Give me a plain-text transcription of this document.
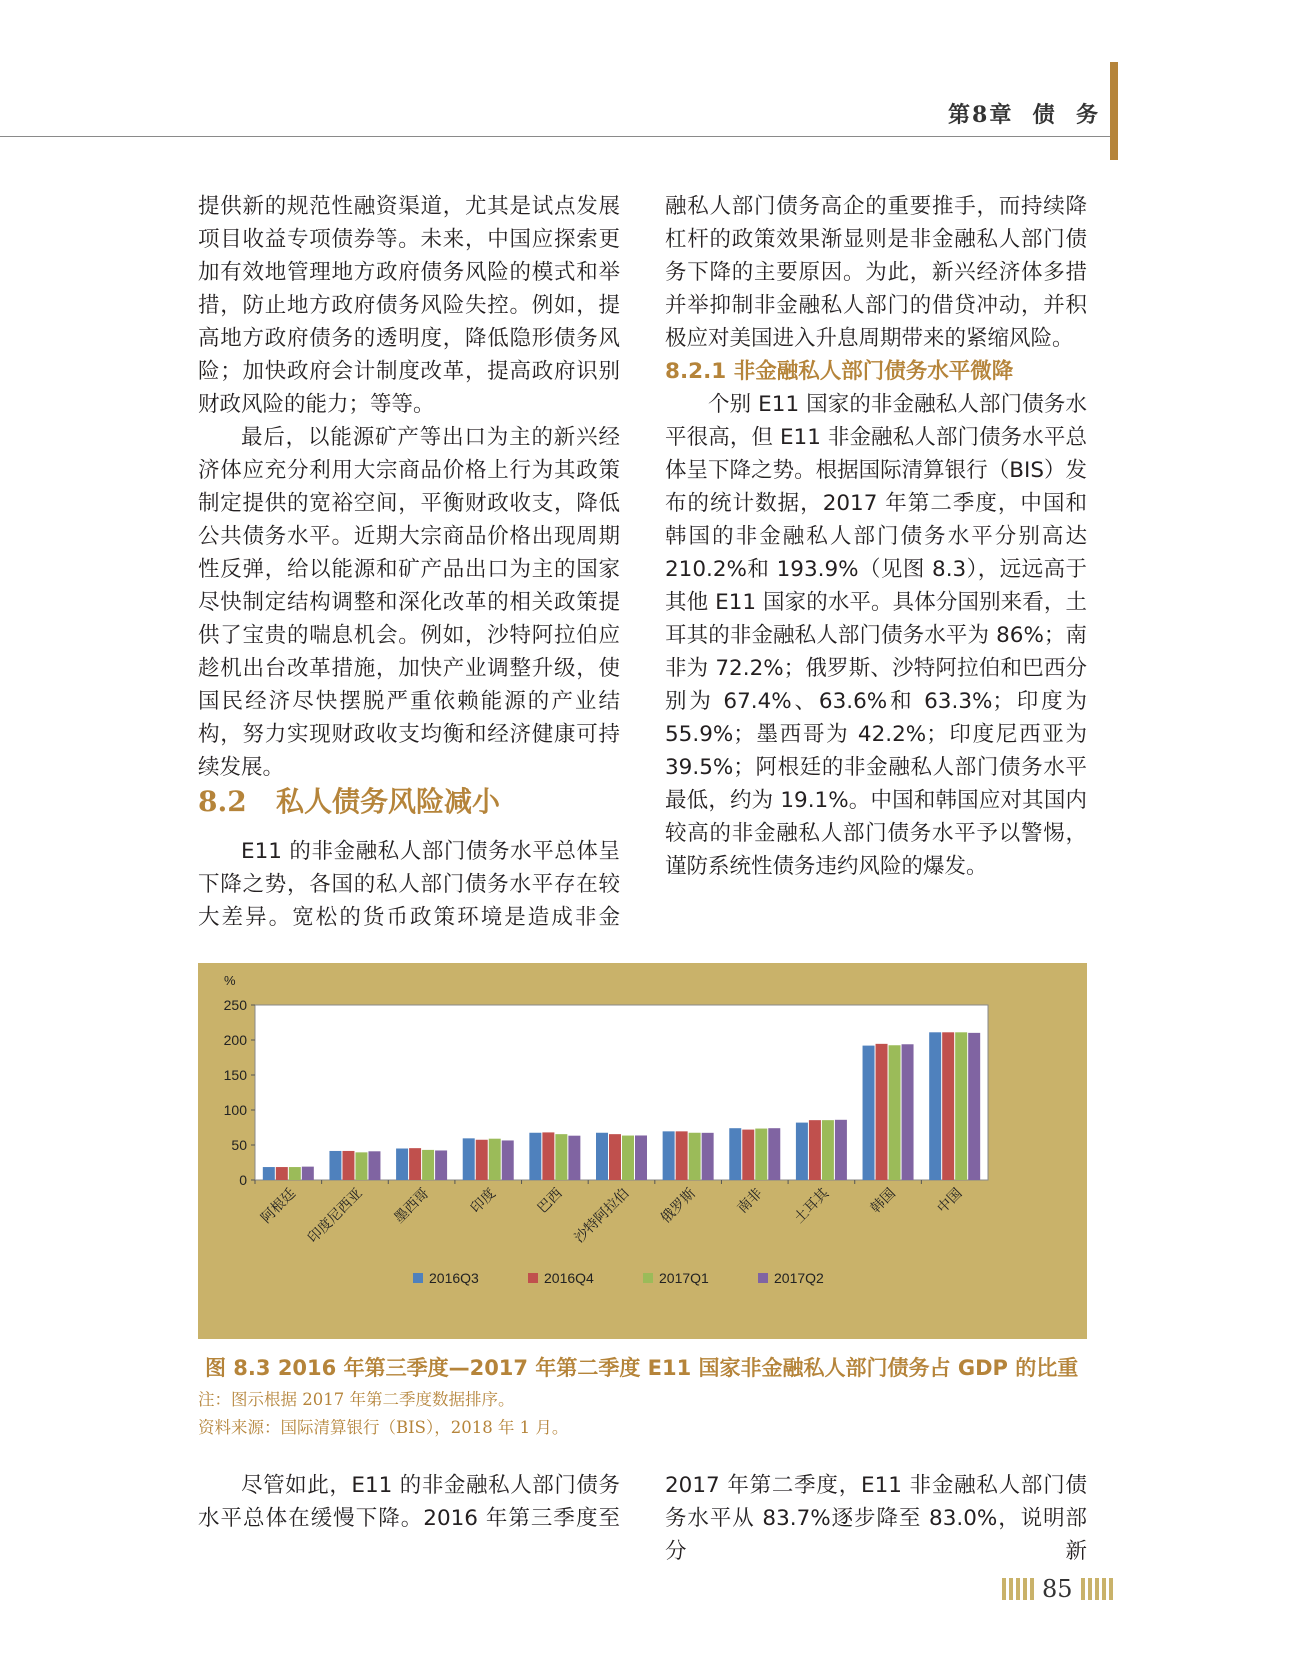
第8章  债  务

提供新的规范性融资渠道，尤其是试点发展项目收益专项债券等。未来，中国应探索更加有效地管理地方政府债务风险的模式和举措，防止地方政府债务风险失控。例如，提高地方政府债务的透明度，降低隐形债务风险；加快政府会计制度改革，提高政府识别财政风险的能力；等等。

最后，以能源矿产等出口为主的新兴经济体应充分利用大宗商品价格上行为其政策制定提供的宽裕空间，平衡财政收支，降低公共债务水平。近期大宗商品价格出现周期性反弹，给以能源和矿产品出口为主的国家尽快制定结构调整和深化改革的相关政策提供了宝贵的喘息机会。例如，沙特阿拉伯应趁机出台改革措施，加快产业调整升级，使国民经济尽快摆脱严重依赖能源的产业结构，努力实现财政收支均衡和经济健康可持续发展。

8.2   私人债务风险减小

E11 的非金融私人部门债务水平总体呈下降之势，各国的私人部门债务水平存在较大差异。宽松的货币政策环境是造成非金

融私人部门债务高企的重要推手，而持续降杠杆的政策效果渐显则是非金融私人部门债务下降的主要原因。为此，新兴经济体多措并举抑制非金融私人部门的借贷冲动，并积极应对美国进入升息周期带来的紧缩风险。

8.2.1 非金融私人部门债务水平微降

个别 E11 国家的非金融私人部门债务水平很高，但 E11 非金融私人部门债务水平总体呈下降之势。根据国际清算银行（BIS）发布的统计数据，2017 年第二季度，中国和韩国的非金融私人部门债务水平分别高达 210.2%和 193.9%（见图 8.3），远远高于其他 E11 国家的水平。具体分国别来看，土耳其的非金融私人部门债务水平为 86%；南非为 72.2%；俄罗斯、沙特阿拉伯和巴西分别为 67.4%、63.6%和 63.3%；印度为 55.9%；墨西哥为 42.2%；印度尼西亚为 39.5%；阿根廷的非金融私人部门债务水平最低，约为 19.1%。中国和韩国应对其国内较高的非金融私人部门债务水平予以警惕，谨防系统性债务违约风险的爆发。

%
0
50
100
150
200
250
阿根廷 印度尼西亚 墨西哥	印度	巴西 沙特阿拉伯 俄罗斯	南非 土耳其	韩国	中国
2016Q3	2016Q4	2017Q1	2017Q2
图 8.3 2016 年第三季度—2017 年第二季度 E11 国家非金融私人部门债务占 GDP 的比重
注：图示根据 2017 年第二季度数据排序。
资料来源：国际清算银行（BIS），2018 年 1 月。

尽管如此，E11 的非金融私人部门债务水平总体在缓慢下降。2016 年第三季度至

2017 年第二季度，E11 非金融私人部门债务水平从 83.7%逐步降至 83.0%，说明部分新

85
